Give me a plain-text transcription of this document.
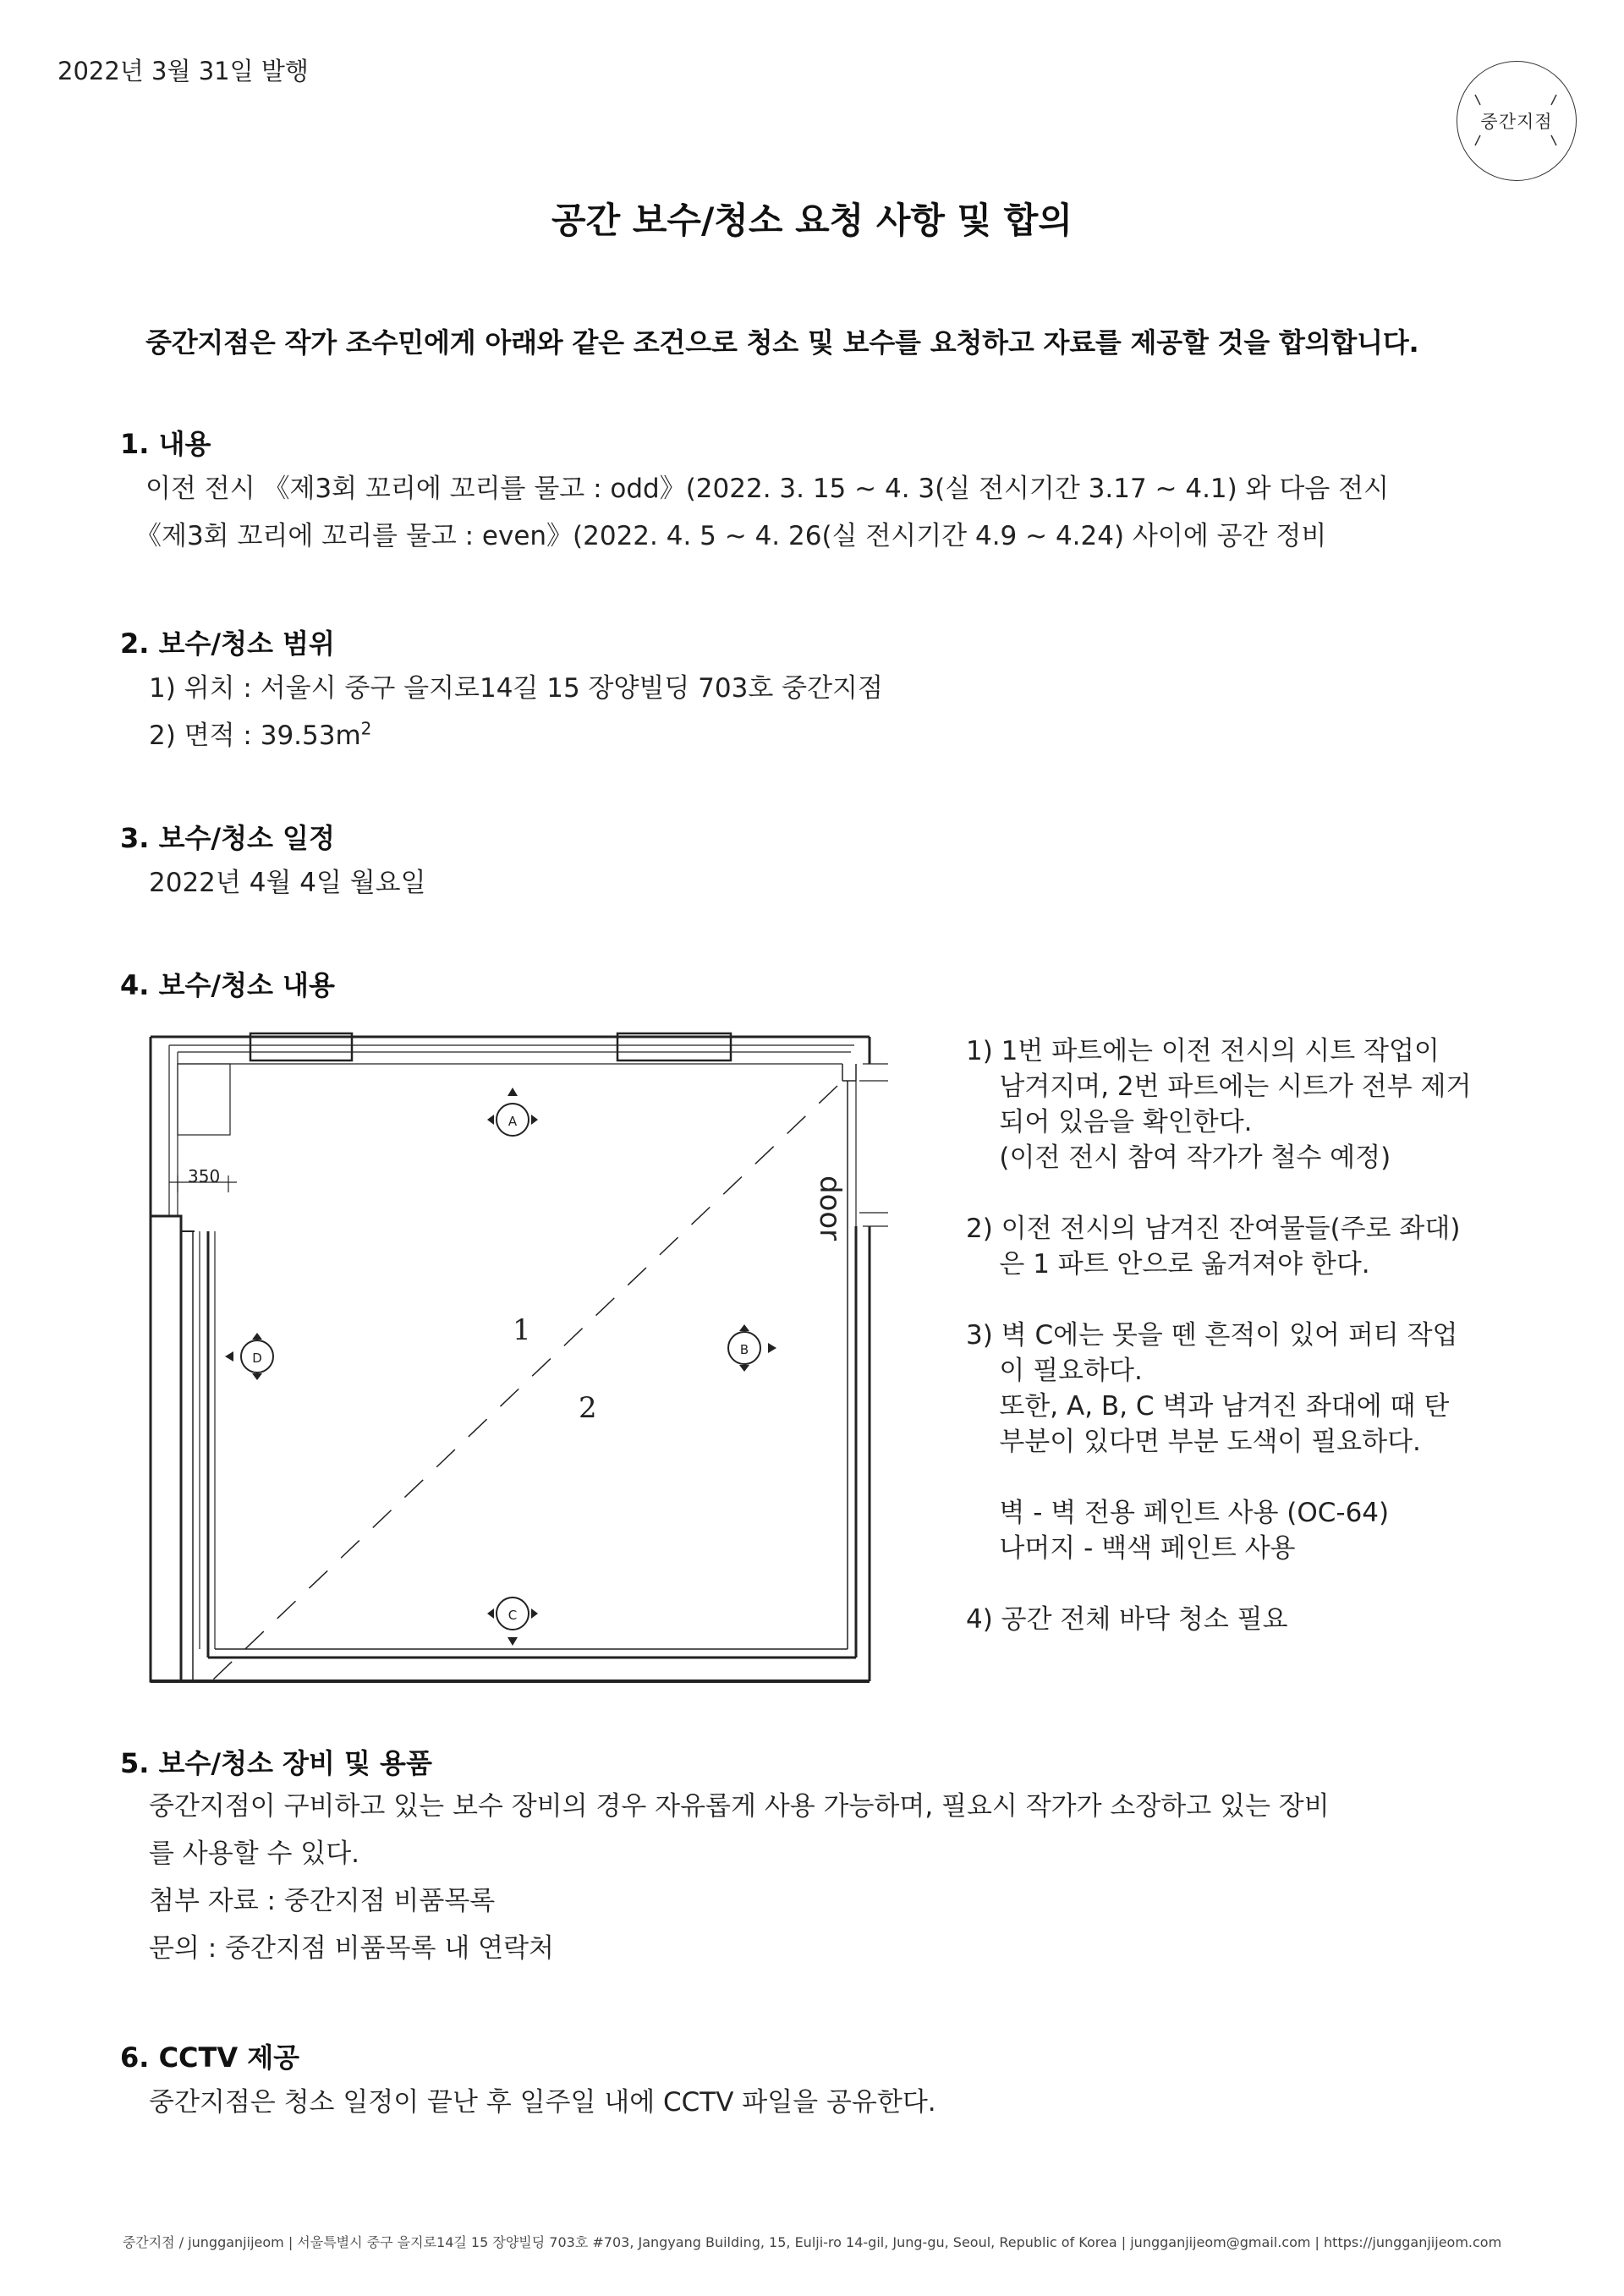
2022년 3월 31일 발행
중간지점
공간 보수/청소 요청 사항 및 합의
중간지점은 작가 조수민에게 아래와 같은 조건으로 청소 및 보수를 요청하고 자료를 제공할 것을 합의합니다.
1. 내용
이전 전시 《제3회 꼬리에 꼬리를 물고 : odd》(2022. 3. 15 ~ 4. 3(실 전시기간 3.17 ~ 4.1) 와 다음 전시
《제3회 꼬리에 꼬리를 물고 : even》(2022. 4. 5 ~ 4. 26(실 전시기간 4.9 ~ 4.24) 사이에 공간 정비
2. 보수/청소 범위
1) 위치 : 서울시 중구 을지로14길 15 장양빌딩 703호 중간지점
2) 면적 : $39.53m^2$
3. 보수/청소 일정
2022년 4월 4일 월요일
4. 보수/청소 내용
350	door
1
2
A
B
C
D
1) 1번 파트에는 이전 전시의 시트 작업이
남겨지며, 2번 파트에는 시트가 전부 제거
되어 있음을 확인한다.
(이전 전시 참여 작가가 철수 예정)
2) 이전 전시의 남겨진 잔여물들(주로 좌대)
은 1 파트 안으로 옮겨져야 한다.
3) 벽 C에는 못을 뗀 흔적이 있어 퍼티 작업
이 필요하다.
또한, A, B, C 벽과 남겨진 좌대에 때 탄
부분이 있다면 부분 도색이 필요하다.
벽 - 벽 전용 페인트 사용 (OC-64)
나머지 - 백색 페인트 사용
4) 공간 전체 바닥 청소 필요
5. 보수/청소 장비 및 용품
중간지점이 구비하고 있는 보수 장비의 경우 자유롭게 사용 가능하며, 필요시 작가가 소장하고 있는 장비
를 사용할 수 있다.
첨부 자료 : 중간지점 비품목록
문의 : 중간지점 비품목록 내 연락처
6. CCTV 제공
중간지점은 청소 일정이 끝난 후 일주일 내에 CCTV 파일을 공유한다.
중간지점 / jungganjijeom | 서울특별시 중구 을지로14길 15 장양빌딩 703호 #703, Jangyang Building, 15, Eulji-ro 14-gil, Jung-gu, Seoul, Republic of Korea | jungganjijeom@gmail.com | https://jungganjijeom.com
